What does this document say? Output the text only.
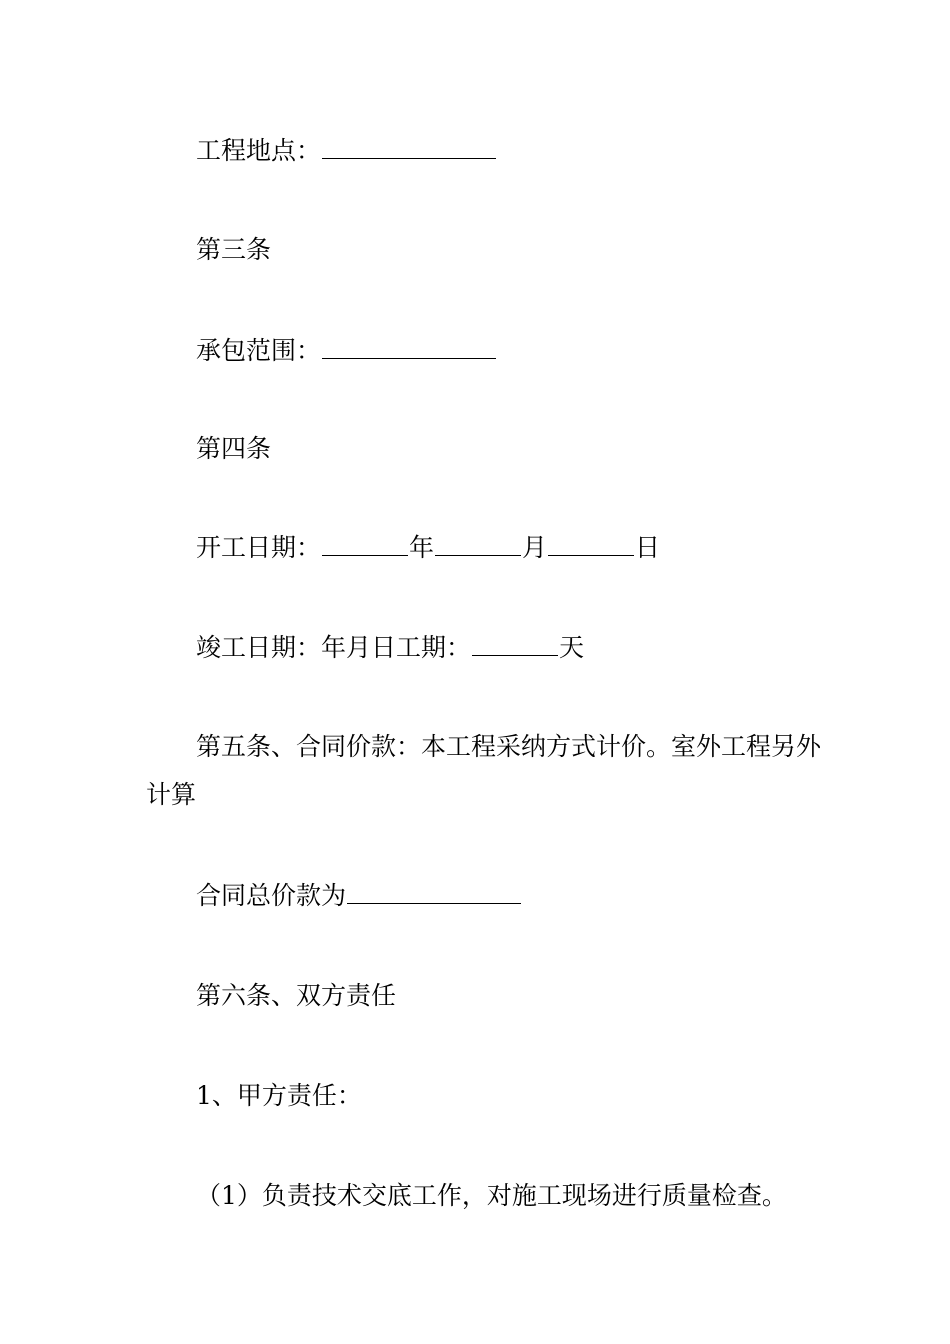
工程地点：
第三条
承包范围：
第四条
开工日期：	年	月	日
竣工日期：年月日工期：	天
第五条、合同价款：本工程采纳方式计价。室外工程另外计算
合同总价款为
第六条、双方责任
1、甲方责任：
（1）负责技术交底工作，对施工现场进行质量检查。
